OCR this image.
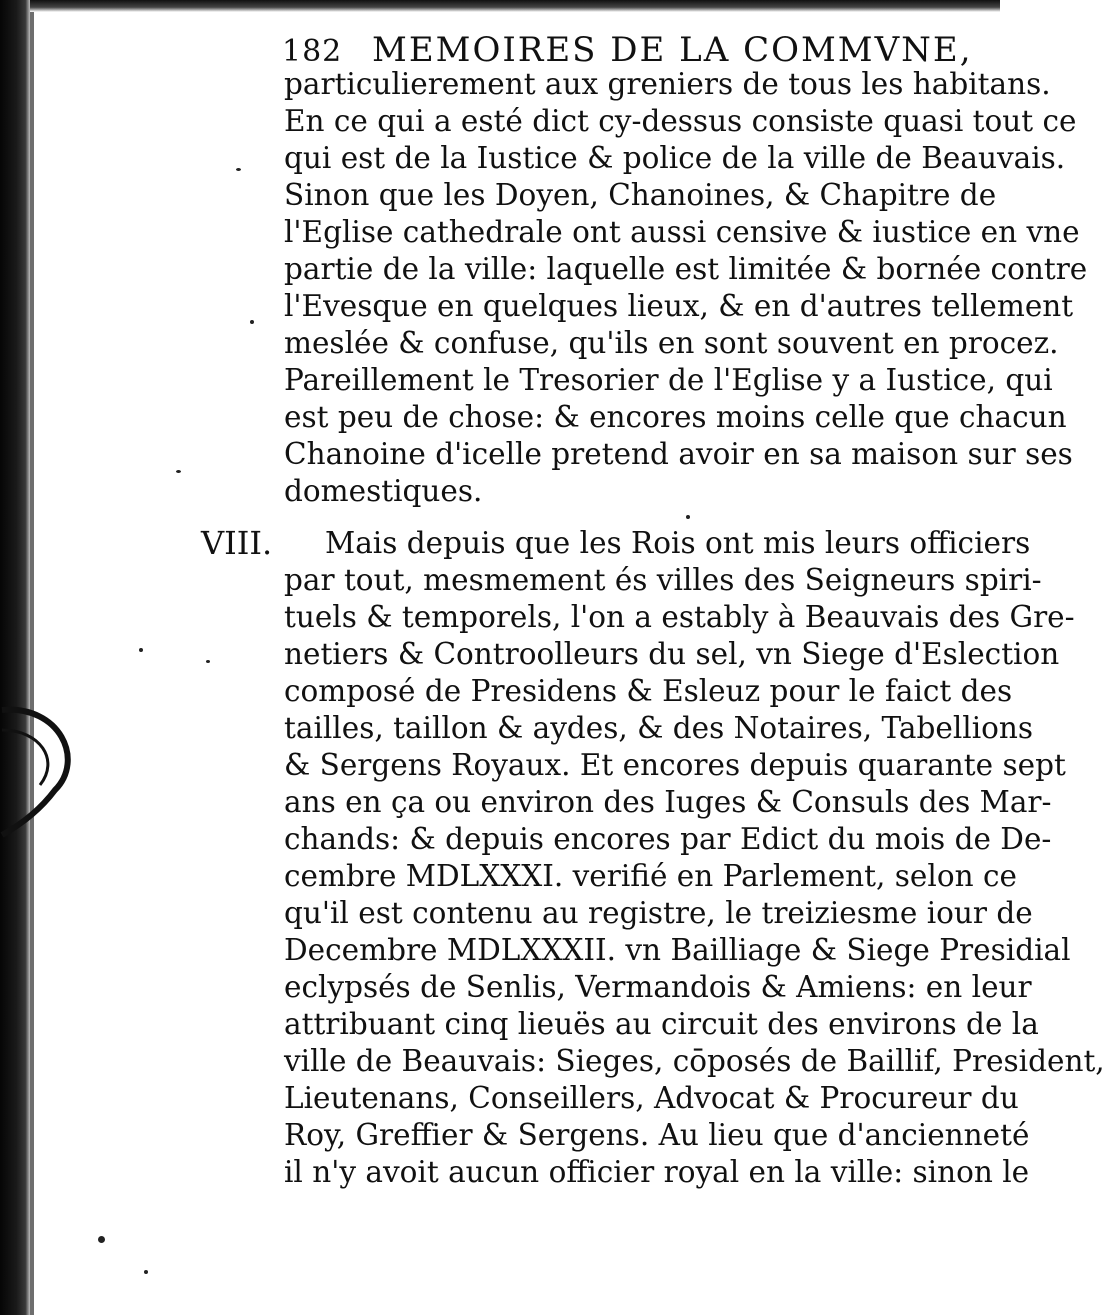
182 MEMOIRES DE LA COMMVNE,
particulierement aux greniers de tous les habitans.
En ce qui a esté dict cy-dessus consiste quasi tout ce
qui est de la Iustice & police de la ville de Beauvais.
Sinon que les Doyen, Chanoines, & Chapitre de
l'Eglise cathedrale ont aussi censive & iustice en vne
partie de la ville: laquelle est limitée & bornée contre
l'Evesque en quelques lieux, & en d'autres tellement
meslée & confuse, qu'ils en sont souvent en procez.
Pareillement le Tresorier de l'Eglise y a Iustice, qui
est peu de chose: & encores moins celle que chacun
Chanoine d'icelle pretend avoir en sa maison sur ses
domestiques.
VIII. Mais depuis que les Rois ont mis leurs officiers
par tout, mesmement és villes des Seigneurs spiri-
tuels & temporels, l'on a estably à Beauvais des Gre-
netiers & Controolleurs du sel, vn Siege d'Eslection
composé de Presidens & Esleuz pour le faict des
tailles, taillon & aydes, & des Notaires, Tabellions
& Sergens Royaux. Et encores depuis quarante sept
ans en ça ou environ des Iuges & Consuls des Mar-
chands: & depuis encores par Edict du mois de De-
cembre MDLXXXI. verifié en Parlement, selon ce
qu'il est contenu au registre, le treiziesme iour de
Decembre MDLXXXII. vn Bailliage & Siege Presidial
eclypsés de Senlis, Vermandois & Amiens: en leur
attribuant cinq lieuës au circuit des environs de la
ville de Beauvais: Sieges, cōposés de Baillif, President,
Lieutenans, Conseillers, Advocat & Procureur du
Roy, Greffier & Sergens. Au lieu que d'ancienneté
il n'y avoit aucun officier royal en la ville: sinon le
